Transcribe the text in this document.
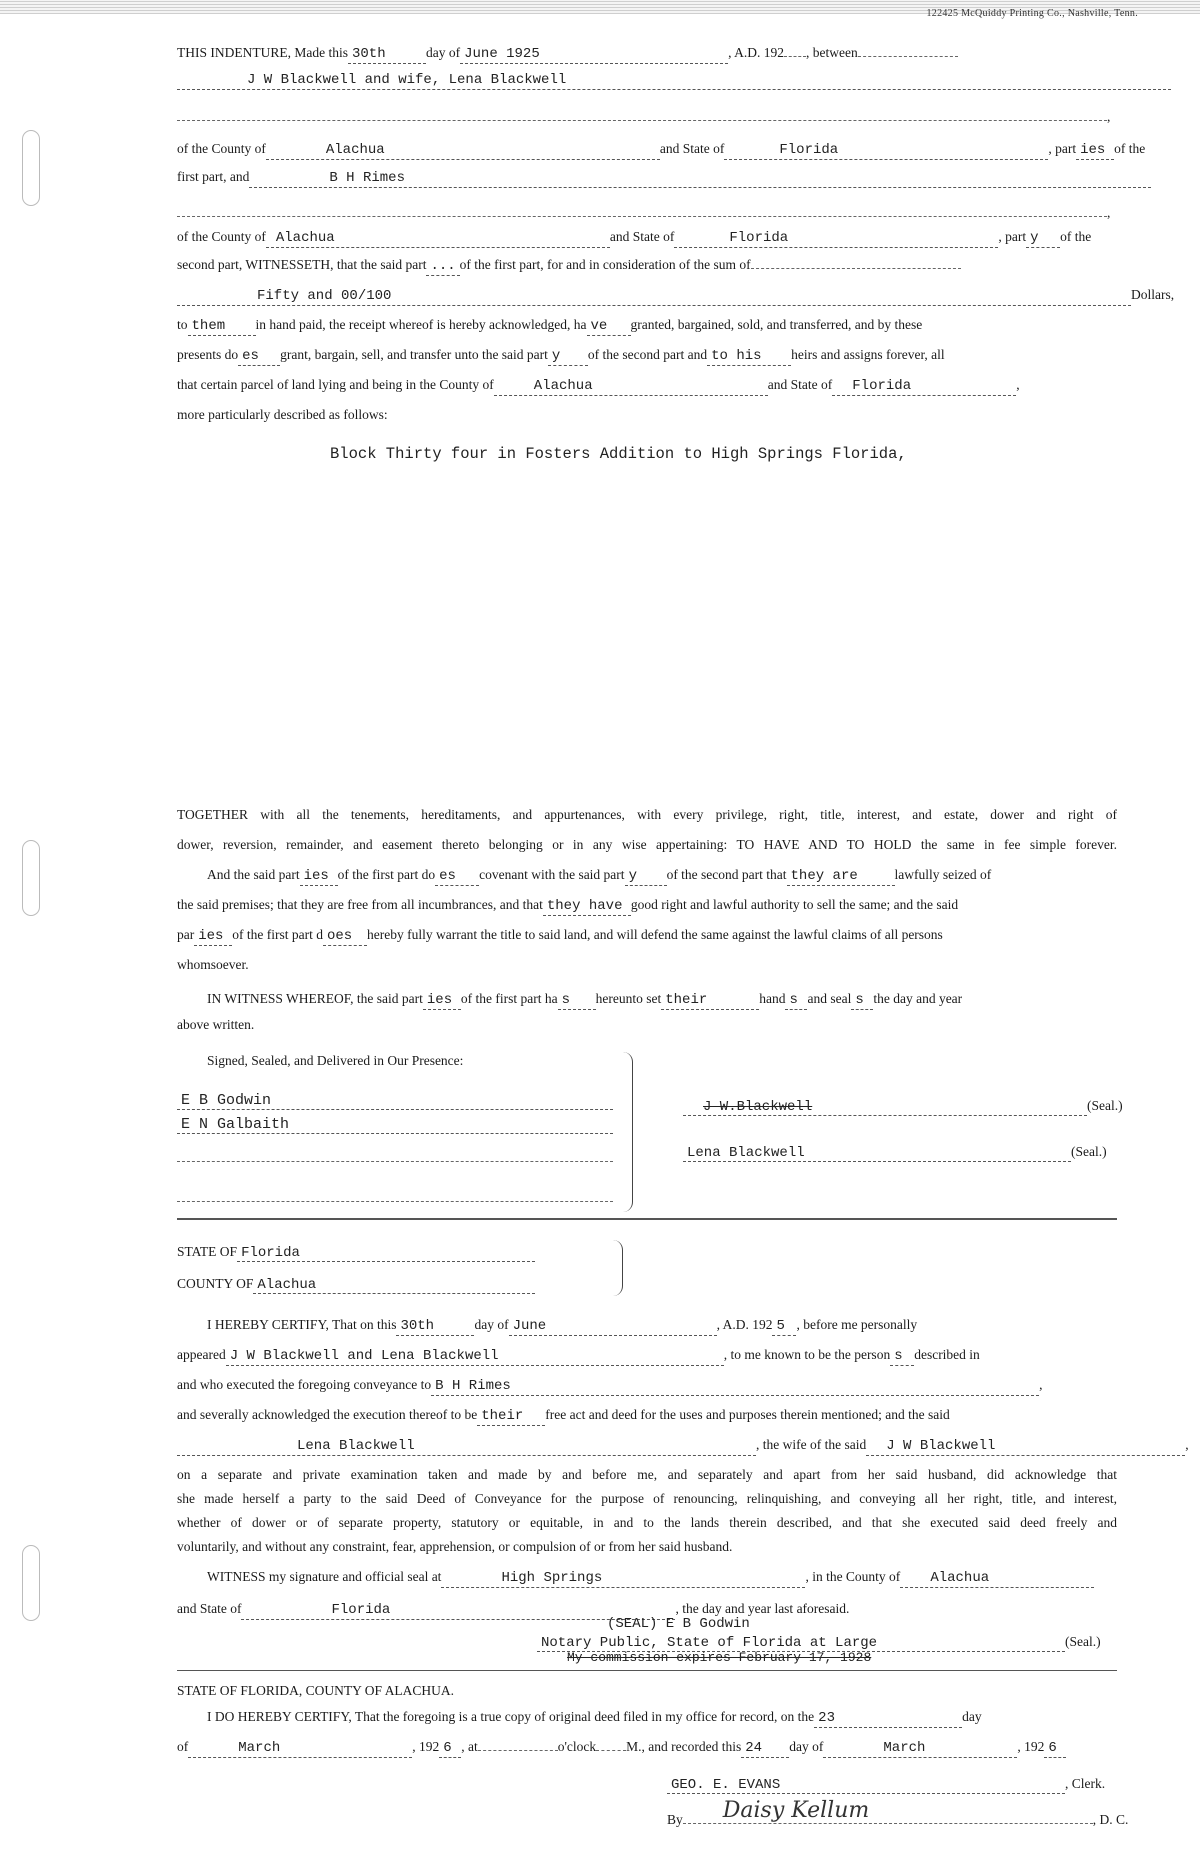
122425 McQuiddy Printing Co., Nashville, Tenn.
THIS INDENTURE, Made this 30th	day of June 1925	, A.D. 192 , between
J W Blackwell and wife, Lena Blackwell
,
of the County of	Alachua	and State of	Florida	, part ies of the
first part, and	B H Rimes
,
of the County of Alachua	and State of	Florida	, part y of the
second part, WITNESSETH, that the said part ... of the first part, for and in consideration of the sum of
Fifty and 00/100	Dollars,
to them in hand paid, the receipt whereof is hereby acknowledged, ha ve granted, bargained, sold, and transferred, and by these
presents do es grant, bargain, sell, and transfer unto the said part y of the second part and to his heirs and assigns forever, all
that certain parcel of land lying and being in the County of	Alachua	and State of Florida	,
more particularly described as follows:
Block Thirty four in Fosters Addition to High Springs Florida,
TOGETHER with all the tenements, hereditaments, and appurtenances, with every privilege, right, title, interest, and estate, dower and right of
dower, reversion, remainder, and easement thereto belonging or in any wise appertaining: TO HAVE AND TO HOLD the same in fee simple forever.
And the said part ies of the first part do es covenant with the said part y of the second part that they are	lawfully seized of
the said premises; that they are free from all incumbrances, and that they have good right and lawful authority to sell the same; and the said
par ies of the first part d oes hereby fully warrant the title to said land, and will defend the same against the lawful claims of all persons
whomsoever.
IN WITNESS WHEREOF, the said part ies of the first part ha s hereunto set their	hand s and seal s the day and year
above written.
Signed, Sealed, and Delivered in Our Presence:
E B Godwin
E N Galbaith
J W.Blackwell	(Seal.)
Lena Blackwell	(Seal.)
STATE OF Florida
COUNTY OF Alachua
I HEREBY CERTIFY, That on this 30th	day of June	, A.D. 192 5 , before me personally
appeared J W Blackwell and Lena Blackwell	, to me known to be the person s described in
and who executed the foregoing conveyance to B H Rimes	,
and severally acknowledged the execution thereof to be their free act and deed for the uses and purposes therein mentioned; and the said
Lena Blackwell	, the wife of the said J W Blackwell	,
on a separate and private examination taken and made by and before me, and separately and apart from her said husband, did acknowledge that
she made herself a party to the said Deed of Conveyance for the purpose of renouncing, relinquishing, and conveying all her right, title, and interest,
whether of dower or of separate property, statutory or equitable, in and to the lands therein described, and that she executed said deed freely and
voluntarily, and without any constraint, fear, apprehension, or compulsion of or from her said husband.
WITNESS my signature and official seal at	High Springs	, in the County of Alachua
and State of	Florida	, the day and year last aforesaid.
(SEAL) E B Godwin
Notary Public, State of Florida at Large	(Seal.)
My commission expires February 17, 1928
STATE OF FLORIDA, COUNTY OF ALACHUA.
I DO HEREBY CERTIFY, That the foregoing is a true copy of original deed filed in my office for record, on the 23	day
of	March	, 192 6 , at	o'clock M., and recorded this 24 day of	March	, 192 6
GEO. E. EVANS	, Clerk.
By Daisy Kellum	, D. C.
